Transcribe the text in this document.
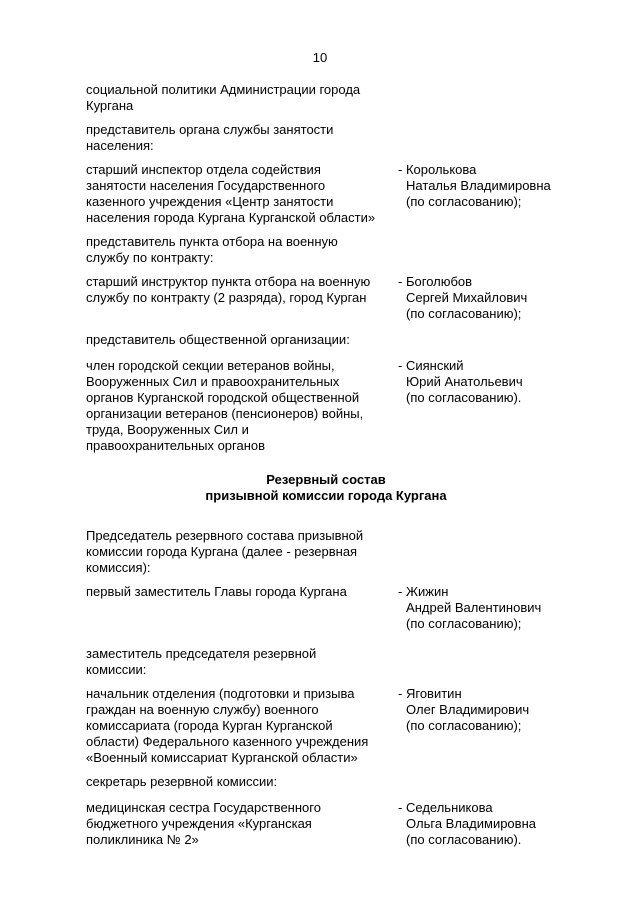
10
социальной политики Администрации города
Кургана
представитель органа службы занятости
населения:
старший инспектор отдела содействия
занятости населения Государственного
казенного учреждения «Центр занятости
населения города Кургана Курганской области»
- Королькова
Наталья Владимировна
(по согласованию);
представитель пункта отбора на военную
службу по контракту:
старший инструктор пункта отбора на военную
службу по контракту (2 разряда), город Курган
- Боголюбов
Сергей Михайлович
(по согласованию);
представитель общественной организации:
член городской секции ветеранов войны,
Вооруженных Сил и правоохранительных
органов Курганской городской общественной
организации ветеранов (пенсионеров) войны,
труда, Вооруженных Сил и
правоохранительных органов
- Сиянский
Юрий Анатольевич
(по согласованию).
Резервный состав
призывной комиссии города Кургана
Председатель резервного состава призывной
комиссии города Кургана (далее - резервная
комиссия):
первый заместитель Главы города Кургана	- Жижин
Андрей Валентинович
(по согласованию);
заместитель председателя резервной
комиссии:
начальник отделения (подготовки и призыва
граждан на военную службу) военного
комиссариата (города Курган Курганской
области) Федерального казенного учреждения
«Военный комиссариат Курганской области»
- Яговитин
Олег Владимирович
(по согласованию);
секретарь резервной комиссии:
медицинская сестра Государственного
бюджетного учреждения «Курганская
поликлиника № 2»
- Седельникова
Ольга Владимировна
(по согласованию).
